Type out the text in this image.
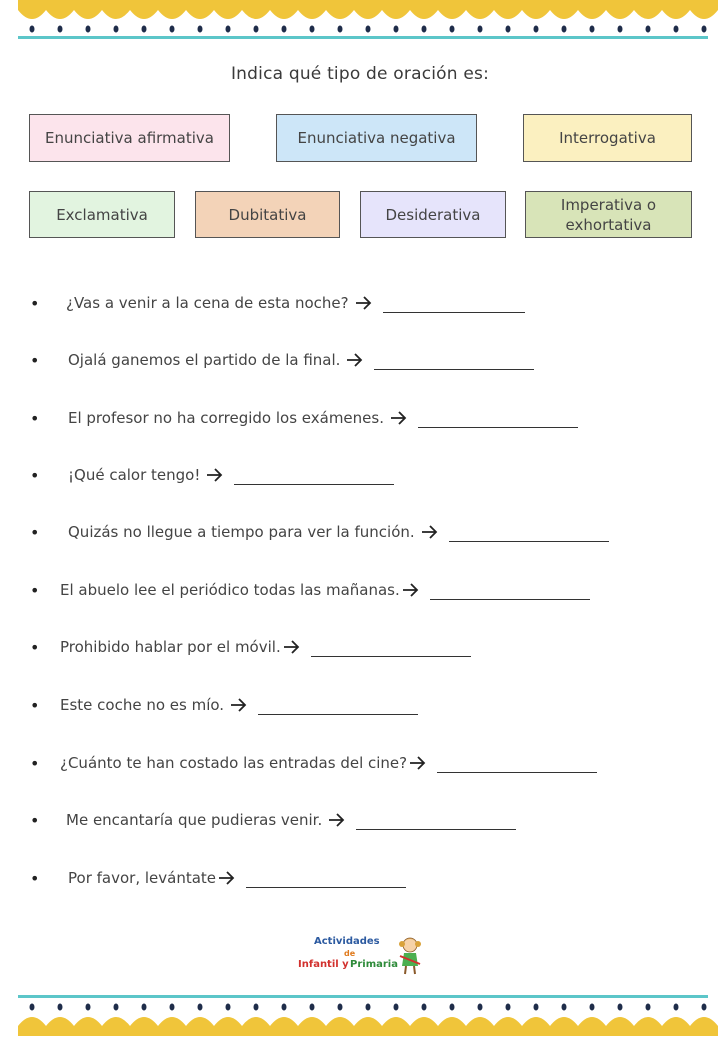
Indica qué tipo de oración es:
Enunciativa afirmativa	Enunciativa negativa	Interrogativa
Exclamativa	Dubitativa	Desiderativa
Imperativa o exhortativa
•	¿Vas a venir a la cena de esta noche?
•	Ojalá ganemos el partido de la final.
•	El profesor no ha corregido los exámenes.
•	¡Qué calor tengo!
•	Quizás no llegue a tiempo para ver la función.
•	El abuelo lee el periódico todas las mañanas.
•	Prohibido hablar por el móvil.
•	Este coche no es mío.
•	¿Cuánto te han costado las entradas del cine?
•	Me encantaría que pudieras venir.
•	Por favor, levántate
Actividades
de
Infantil y Primaria
